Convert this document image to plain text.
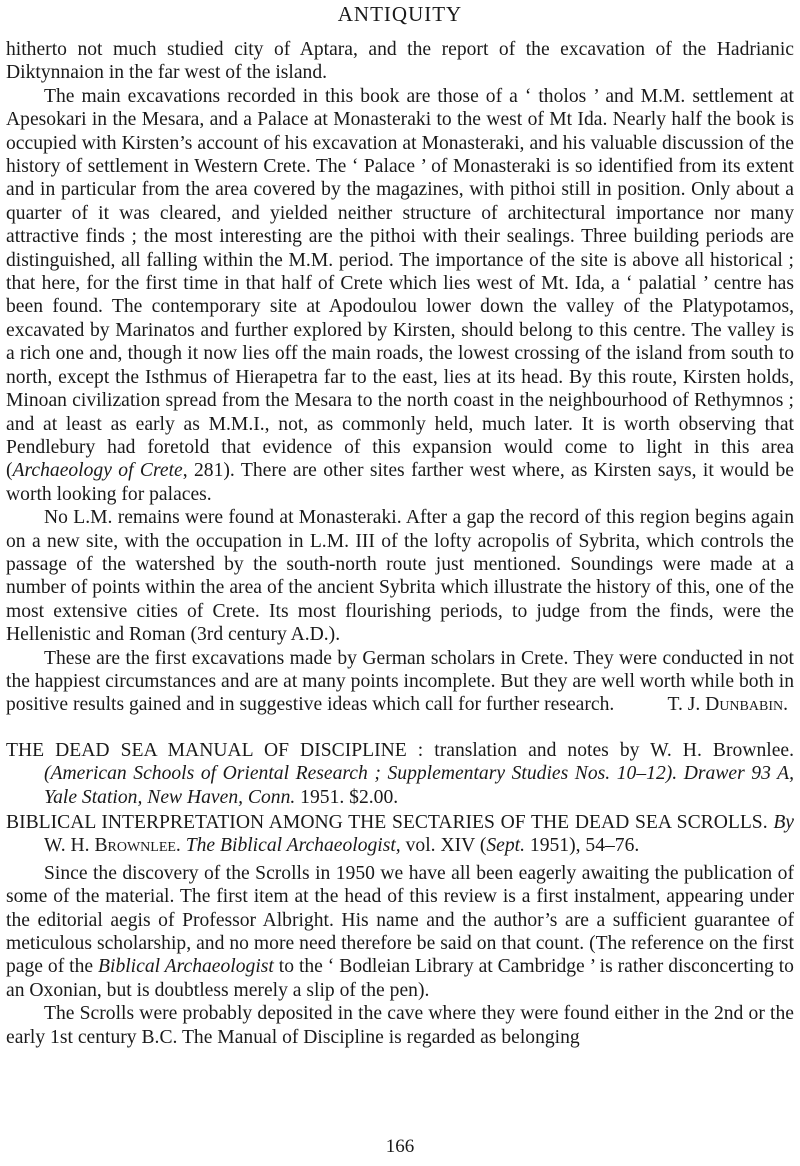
ANTIQUITY

hitherto not much studied city of Aptara, and the report of the excavation of the Hadrianic Diktynnaion in the far west of the island.

The main excavations recorded in this book are those of a ‘ tholos ’ and M.M. settlement at Apesokari in the Mesara, and a Palace at Monasteraki to the west of Mt Ida. Nearly half the book is occupied with Kirsten’s account of his excavation at Monasteraki, and his valuable discussion of the history of settlement in Western Crete. The ‘ Palace ’ of Monasteraki is so identified from its extent and in particular from the area covered by the magazines, with pithoi still in position. Only about a quarter of it was cleared, and yielded neither structure of architectural importance nor many attractive finds ; the most interesting are the pithoi with their sealings. Three building periods are distinguished, all falling within the M.M. period. The importance of the site is above all historical ; that here, for the first time in that half of Crete which lies west of Mt. Ida, a ‘ palatial ’ centre has been found. The contemporary site at Apodoulou lower down the valley of the Platypotamos, excavated by Marinatos and further explored by Kirsten, should belong to this centre. The valley is a rich one and, though it now lies off the main roads, the lowest crossing of the island from south to north, except the Isthmus of Hierapetra far to the east, lies at its head. By this route, Kirsten holds, Minoan civilization spread from the Mesara to the north coast in the neighbourhood of Rethymnos ; and at least as early as M.M.I., not, as commonly held, much later. It is worth observing that Pendlebury had foretold that evidence of this expansion would come to light in this area (Archaeology of Crete, 281). There are other sites farther west where, as Kirsten says, it would be worth looking for palaces.

No L.M. remains were found at Monasteraki. After a gap the record of this region begins again on a new site, with the occupation in L.M. III of the lofty acropolis of Sybrita, which controls the passage of the watershed by the south-north route just mentioned. Soundings were made at a number of points within the area of the ancient Sybrita which illustrate the history of this, one of the most extensive cities of Crete. Its most flourishing periods, to judge from the finds, were the Hellenistic and Roman (3rd century A.D.).

These are the first excavations made by German scholars in Crete. They were conducted in not the happiest circumstances and are at many points incomplete. But they are well worth while both in positive results gained and in suggestive ideas which call for further research.	T. J. Dunbabin.

THE DEAD SEA MANUAL OF DISCIPLINE : translation and notes by W. H. Brownlee. (American Schools of Oriental Research ; Supplementary Studies Nos. 10–12). Drawer 93 A, Yale Station, New Haven, Conn. 1951. $2.00.

BIBLICAL INTERPRETATION AMONG THE SECTARIES OF THE DEAD SEA SCROLLS. By W. H. Brownlee. The Biblical Archaeologist, vol. XIV (Sept. 1951), 54–76.

Since the discovery of the Scrolls in 1950 we have all been eagerly awaiting the publication of some of the material. The first item at the head of this review is a first instalment, appearing under the editorial aegis of Professor Albright. His name and the author’s are a sufficient guarantee of meticulous scholarship, and no more need therefore be said on that count. (The reference on the first page of the Biblical Archaeologist to the ‘ Bodleian Library at Cambridge ’ is rather disconcerting to an Oxonian, but is doubtless merely a slip of the pen).

The Scrolls were probably deposited in the cave where they were found either in the 2nd or the early 1st century B.C. The Manual of Discipline is regarded as belonging

166
